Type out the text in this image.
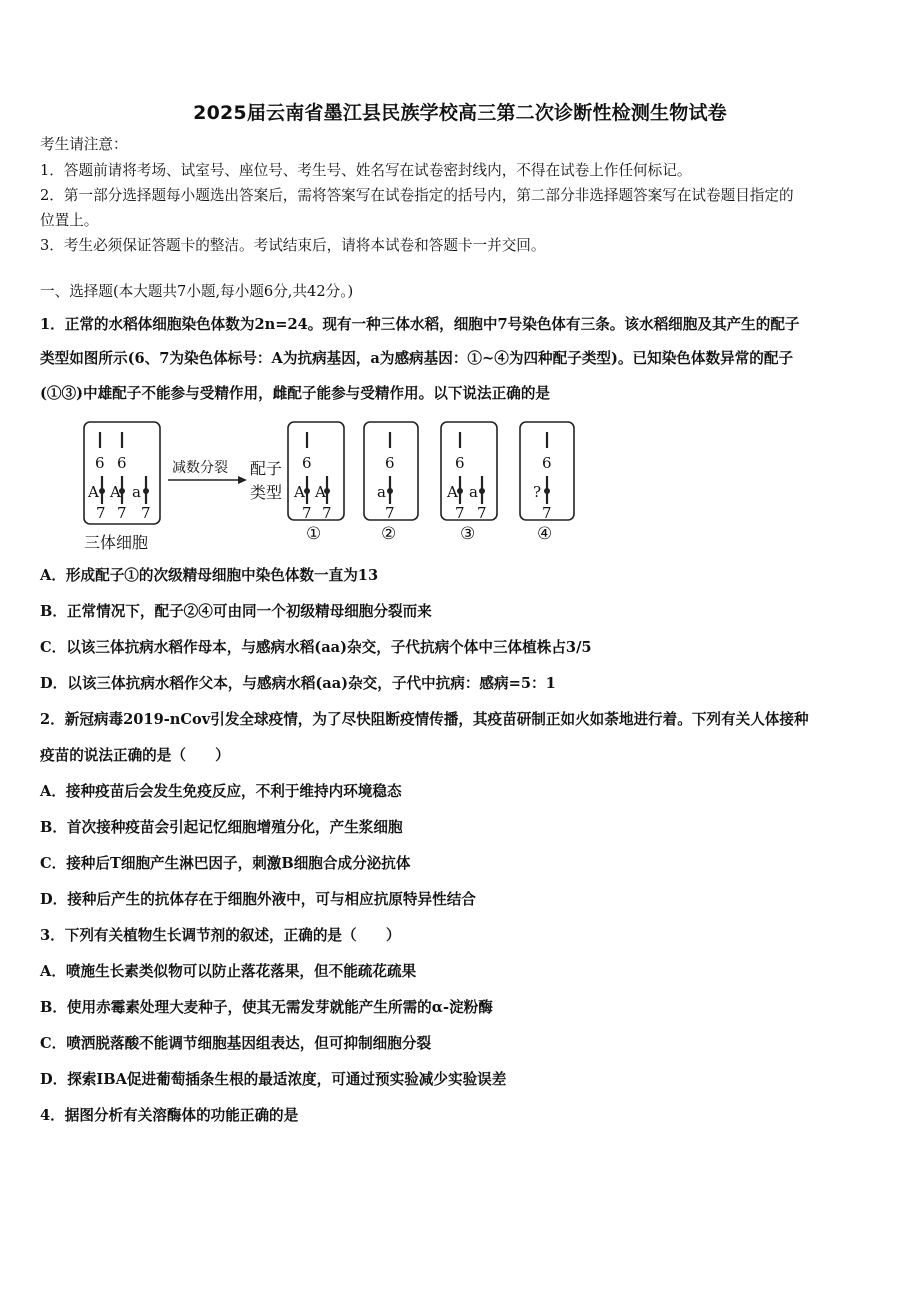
2025届云南省墨江县民族学校高三第二次诊断性检测生物试卷
考生请注意：
1．答题前请将考场、试室号、座位号、考生号、姓名写在试卷密封线内，不得在试卷上作任何标记。
2．第一部分选择题每小题选出答案后，需将答案写在试卷指定的括号内，第二部分非选择题答案写在试卷题目指定的
位置上。
3．考生必须保证答题卡的整洁。考试结束后，请将本试卷和答题卡一并交回。
一、选择题(本大题共7小题,每小题6分,共42分。)
1．正常的水稻体细胞染色体数为2n=24。现有一种三体水稻，细胞中7号染色体有三条。该水稻细胞及其产生的配子
类型如图所示(6、7为染色体标号：A为抗病基因，a为感病基因：①~④为四种配子类型)。已知染色体数异常的配子
(①③)中雄配子不能参与受精作用，雌配子能参与受精作用。以下说法正确的是
6 6	6	6	6	6
A A a	A A	a	A a	?
7 7 7	7 7	7	7 7	7
三体细胞
减数分裂 配子
类型
①	②	③	④
A．形成配子①的次级精母细胞中染色体数一直为13
B．正常情况下，配子②④可由同一个初级精母细胞分裂而来
C．以该三体抗病水稻作母本，与感病水稻(aa)杂交，子代抗病个体中三体植株占3/5
D．以该三体抗病水稻作父本，与感病水稻(aa)杂交，子代中抗病：感病=5：1
2．新冠病毒2019-nCov引发全球疫情，为了尽快阻断疫情传播，其疫苗研制正如火如荼地进行着。下列有关人体接种
疫苗的说法正确的是（　　）
A．接种疫苗后会发生免疫反应，不利于维持内环境稳态
B．首次接种疫苗会引起记忆细胞增殖分化，产生浆细胞
C．接种后T细胞产生淋巴因子，刺激B细胞合成分泌抗体
D．接种后产生的抗体存在于细胞外液中，可与相应抗原特异性结合
3．下列有关植物生长调节剂的叙述，正确的是（　　）
A．喷施生长素类似物可以防止落花落果，但不能疏花疏果
B．使用赤霉素处理大麦种子，使其无需发芽就能产生所需的α-淀粉酶
C．喷洒脱落酸不能调节细胞基因组表达，但可抑制细胞分裂
D．探索IBA促进葡萄插条生根的最适浓度，可通过预实验减少实验误差
4．据图分析有关溶酶体的功能正确的是
